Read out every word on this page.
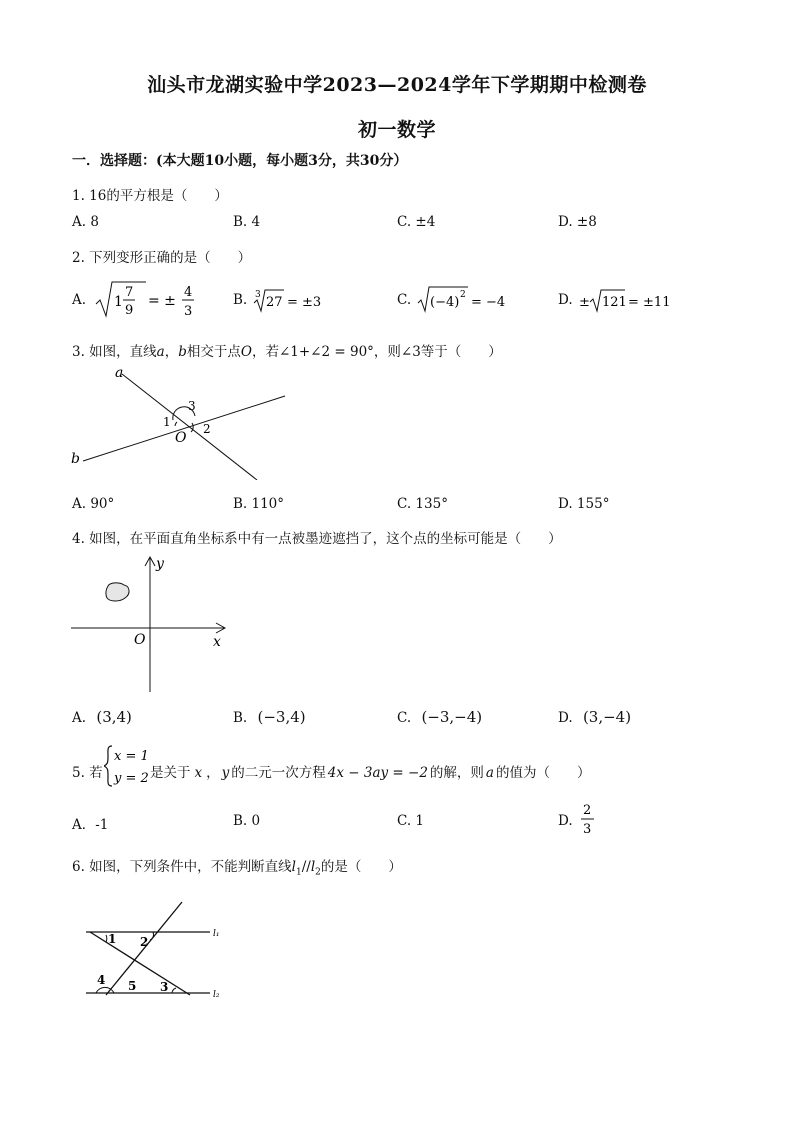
汕头市龙湖实验中学2023—2024学年下学期期中检测卷
初一数学
一．选择题：(本大题10小题，每小题3分，共30分）
1. 16的平方根是（　　）
A. 8	B. 4	C. ±4	D. ±8
2. 下列变形正确的是（　　）
A. 1
7
9
= ±
4
3
B. 3 27 = ±3	C. (−4) 2 = −4	D. ± 121 = ±11
3. 如图，直线a，b相交于点O，若∠1+∠2 = 90°，则∠3等于（　　）
a
b
O
1	2
3
A. 90°	B. 110°	C. 135°	D. 155°
4. 如图，在平面直角坐标系中有一点被墨迹遮挡了，这个点的坐标可能是（　　）
y
x
O
A. (3,4)	B. (−3,4)	C. (−3,−4)	D. (3,−4)
5. 若
x = 1
y = 2 是关于 x ， y 的二元一次方程 4x − 3ay = −2 的解，则 a 的值为（　　）
A．-1	B. 0	C. 1	D.
2
3
6. 如图，下列条件中，不能判断直线$l_1//l_2$的是（　　）
1 2
3
4 5
l₁
l₂
